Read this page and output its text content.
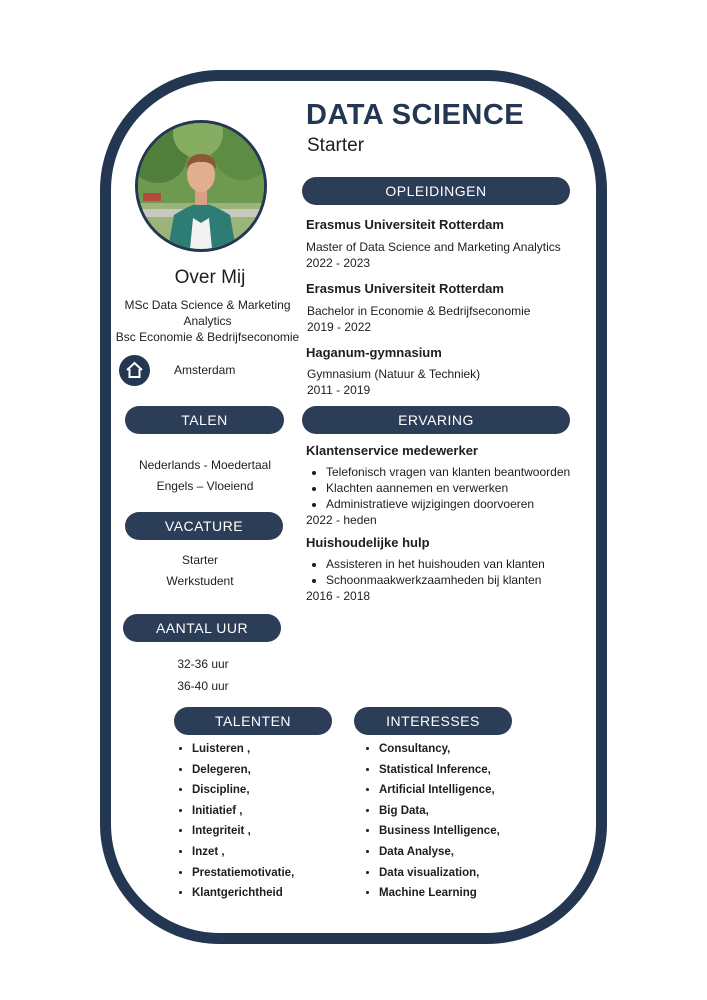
DATA SCIENCE
Starter
Over Mij
MSc Data Science & Marketing
Analytics
Bsc Economie & Bedrijfseconomie
Amsterdam
TALEN
Nederlands - Moedertaal
Engels – Vloeiend
VACATURE
Starter
Werkstudent
AANTAL UUR
32-36 uur
36-40 uur
OPLEIDINGEN
Erasmus Universiteit Rotterdam
Master of Data Science and Marketing Analytics
2022 - 2023
Erasmus Universiteit Rotterdam
Bachelor in Economie & Bedrijfseconomie
2019 - 2022
Haganum-gymnasium
Gymnasium (Natuur & Techniek)
2011 - 2019
ERVARING
Klantenservice medewerker
• Telefonisch vragen van klanten beantwoorden
• Klachten aannemen en verwerken
• Administratieve wijzigingen doorvoeren
2022 - heden
Huishoudelijke hulp
• Assisteren in het huishouden van klanten
• Schoonmaakwerkzaamheden bij klanten
2016 - 2018
TALENTEN
• Luisteren ,
• Delegeren,
• Discipline,
• Initiatief ,
• Integriteit ,
• Inzet ,
• Prestatiemotivatie,
• Klantgerichtheid
INTERESSES
• Consultancy,
• Statistical Inference,
• Artificial Intelligence,
• Big Data,
• Business Intelligence,
• Data Analyse,
• Data visualization,
• Machine Learning
